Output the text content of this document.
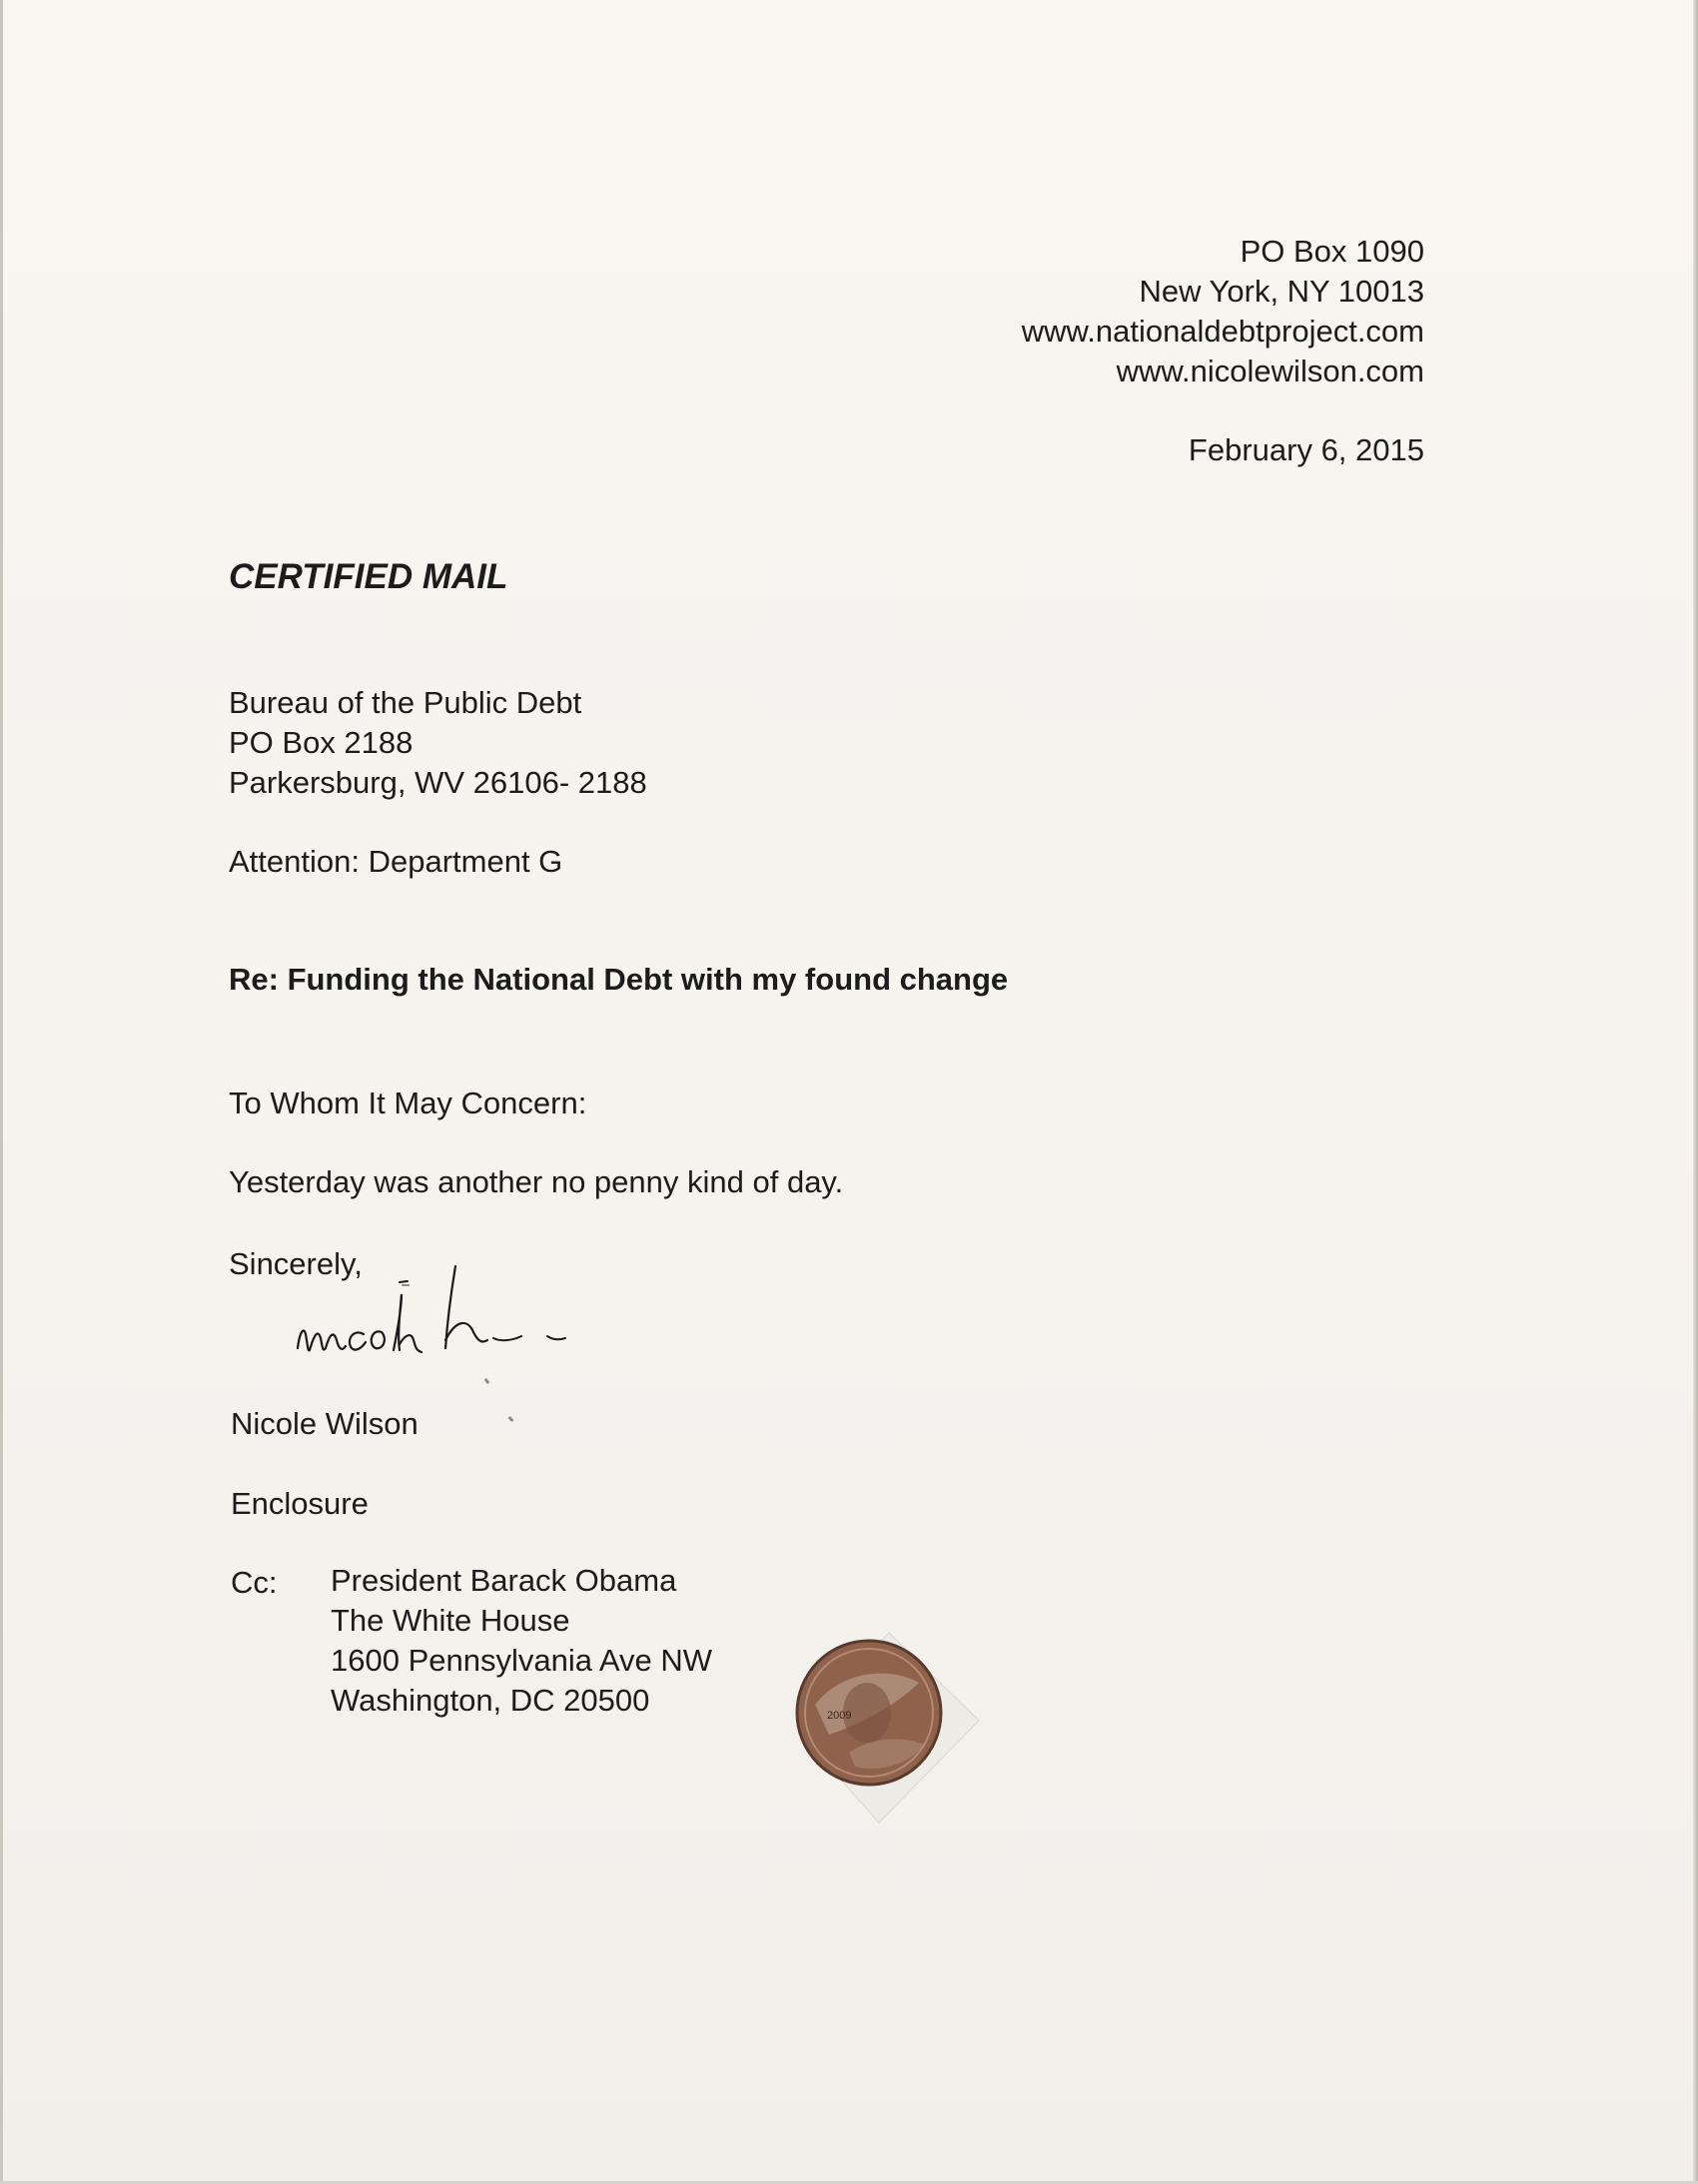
PO Box 1090
New York, NY 10013
www.nationaldebtproject.com
www.nicolewilson.com
February 6, 2015
CERTIFIED MAIL
Bureau of the Public Debt
PO Box 2188
Parkersburg, WV 26106- 2188
Attention: Department G
Re: Funding the National Debt with my found change
To Whom It May Concern:
Yesterday was another no penny kind of day.
Sincerely,
Nicole Wilson
Enclosure
Cc: President Barack Obama
The White House
1600 Pennsylvania Ave NW
Washington, DC 20500	2009
